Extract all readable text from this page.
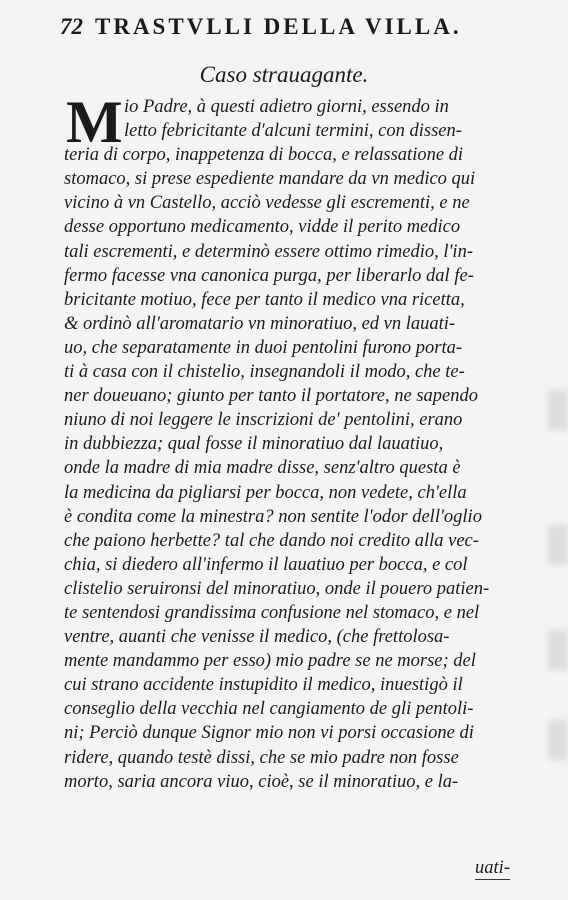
72 TRASTVLLI DELLA VILLA.
Caso strauagante.
M io Padre, à questi adietro giorni, essendo in
letto febricitante d'alcuni termini, con dissen-
teria di corpo, inappetenza di bocca, e relassatione di
stomaco, si prese espediente mandare da vn medico qui
vicino à vn Castello, acciò vedesse gli escrementi, e ne
desse opportuno medicamento, vidde il perito medico
tali escrementi, e determinò essere ottimo rimedio, l'in-
fermo facesse vna canonica purga, per liberarlo dal fe-
bricitante motiuo, fece per tanto il medico vna ricetta,
& ordinò all'aromatario vn minoratiuo, ed vn lauati-
uo, che separatamente in duoi pentolini furono porta-
ti à casa con il chistelio, insegnandoli il modo, che te-
ner doueuano; giunto per tanto il portatore, ne sapendo
niuno di noi leggere le inscrizioni de' pentolini, erano
in dubbiezza; qual fosse il minoratiuo dal lauatiuo,
onde la madre di mia madre disse, senz'altro questa è
la medicina da pigliarsi per bocca, non vedete, ch'ella
è condita come la minestra? non sentite l'odor dell'oglio
che paiono herbette? tal che dando noi credito alla vec-
chia, si diedero all'infermo il lauatiuo per bocca, e col
clistelio seruironsi del minoratiuo, onde il pouero patien-
te sentendosi grandissima confusione nel stomaco, e nel
ventre, auanti che venisse il medico, (che frettolosa-
mente mandammo per esso) mio padre se ne morse; del
cui strano accidente instupidito il medico, inuestigò il
conseglio della vecchia nel cangiamento de gli pentoli-
ni; Perciò dunque Signor mio non vi porsi occasione di
ridere, quando testè dissi, che se mio padre non fosse
morto, saria ancora viuo, cioè, se il minoratiuo, e la-
uati-
